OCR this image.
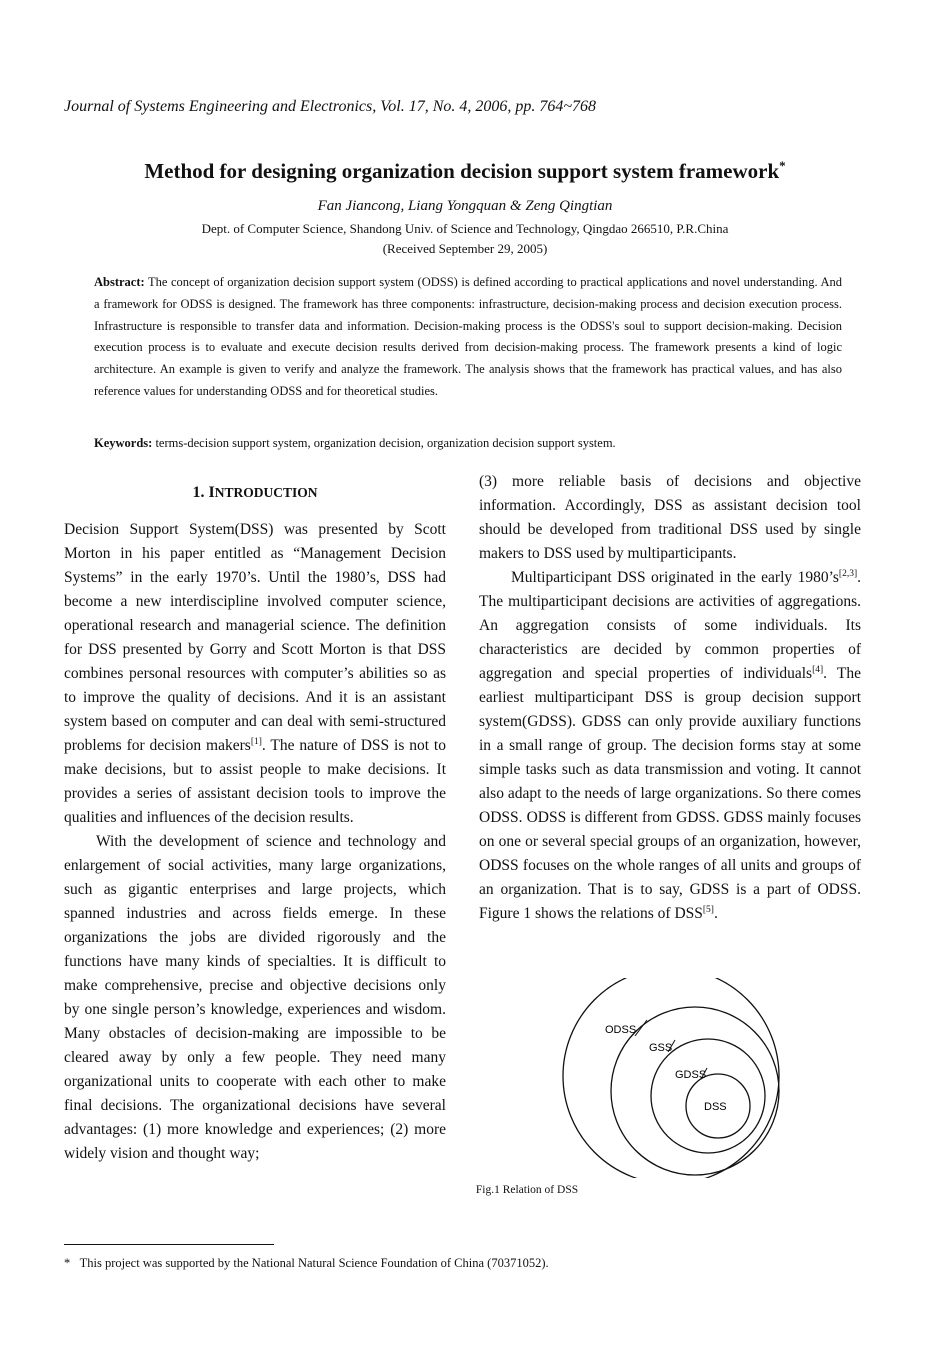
Journal of Systems Engineering and Electronics, Vol. 17, No. 4, 2006, pp. 764~768
Method for designing organization decision support system framework*
Fan Jiancong, Liang Yongquan & Zeng Qingtian
Dept. of Computer Science, Shandong Univ. of Science and Technology, Qingdao 266510, P.R.China
(Received September 29, 2005)
Abstract: The concept of organization decision support system (ODSS) is defined according to practical applications and novel understanding. And a framework for ODSS is designed. The framework has three components: infrastructure, decision-making process and decision execution process. Infrastructure is responsible to transfer data and information. Decision-making process is the ODSS's soul to support decision-making. Decision execution process is to evaluate and execute decision results derived from decision-making process. The framework presents a kind of logic architecture. An example is given to verify and analyze the framework. The analysis shows that the framework has practical values, and has also reference values for understanding ODSS and for theoretical studies.
Keywords: terms-decision support system, organization decision, organization decision support system.
1. INTRODUCTION

Decision Support System(DSS) was presented by Scott Morton in his paper entitled as “Management Decision Systems” in the early 1970’s. Until the 1980’s, DSS had become a new interdiscipline involved computer science, operational research and managerial science. The definition for DSS presented by Gorry and Scott Morton is that DSS combines personal resources with computer’s abilities so as to improve the quality of decisions. And it is an assistant system based on computer and can deal with semi-structured problems for decision makers[1]. The nature of DSS is not to make decisions, but to assist people to make decisions. It provides a series of assistant decision tools to improve the qualities and influences of the decision results.

With the development of science and technology and enlargement of social activities, many large organizations, such as gigantic enterprises and large projects, which spanned industries and across fields emerge. In these organizations the jobs are divided rigorously and the functions have many kinds of specialties. It is difficult to make comprehensive, precise and objective decisions only by one single person’s knowledge, experiences and wisdom. Many obstacles of decision-making are impossible to be cleared away by only a few people. They need many organizational units to cooperate with each other to make final decisions. The organizational decisions have several advantages: (1) more knowledge and experiences; (2) more widely vision and thought way;

(3) more reliable basis of decisions and objective information. Accordingly, DSS as assistant decision tool should be developed from traditional DSS used by single makers to DSS used by multiparticipants.

Multiparticipant DSS originated in the early 1980’s[2,3]. The multiparticipant decisions are activities of aggregations. An aggregation consists of some individuals. Its characteristics are decided by common properties of aggregation and special properties of individuals[4]. The earliest multiparticipant DSS is group decision support system(GDSS). GDSS can only provide auxiliary functions in a small range of group. The decision forms stay at some simple tasks such as data transmission and voting. It cannot also adapt to the needs of large organizations. So there comes ODSS. ODSS is different from GDSS. GDSS mainly focuses on one or several special groups of an organization, however, ODSS focuses on the whole ranges of all units and groups of an organization. That is to say, GDSS is a part of ODSS. Figure 1 shows the relations of DSS[5].

ODSS
GSS
GDSS
DSS
Fig.1 Relation of DSS
* This project was supported by the National Natural Science Foundation of China (70371052).
